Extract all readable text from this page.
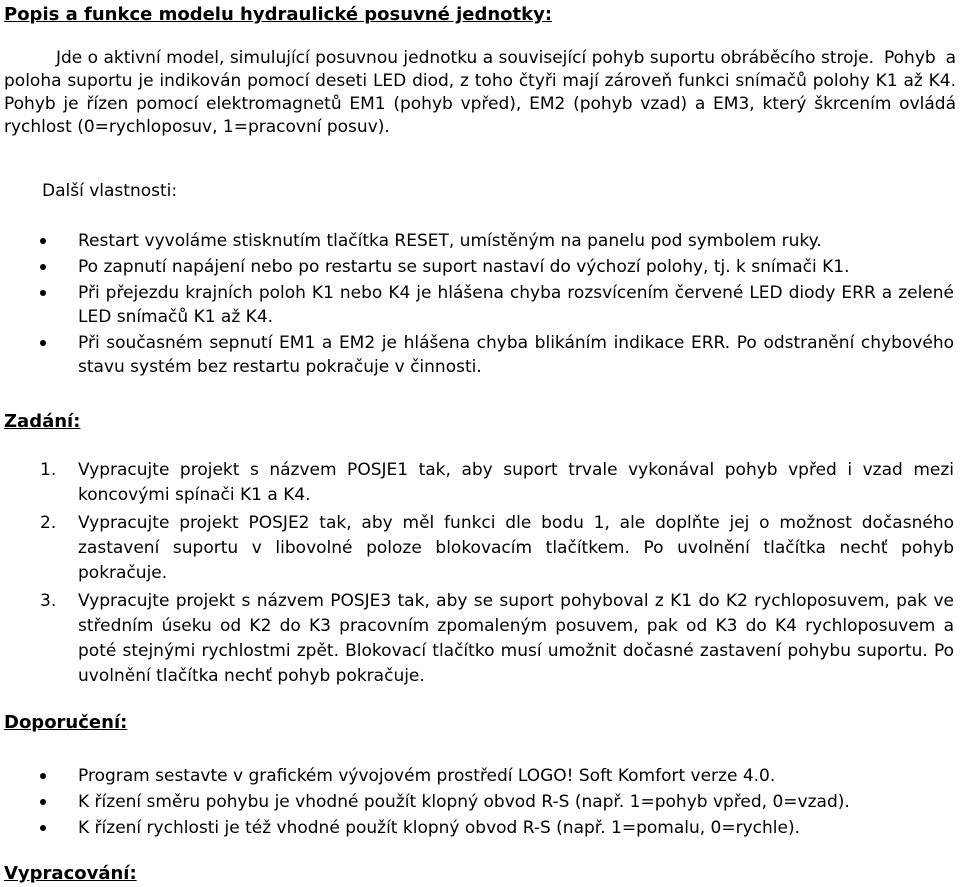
Popis a funkce modelu hydraulické posuvné jednotky:

Jde o aktivní model, simulující posuvnou jednotku a související pohyb suportu obráběcího stroje. Pohyb a poloha suportu je indikován pomocí deseti LED diod, z toho čtyři mají zároveň funkci snímačů polohy K1 až K4. Pohyb je řízen pomocí elektromagnetů EM1 (pohyb vpřed), EM2 (pohyb vzad) a EM3, který škrcením ovládá rychlost (0=rychloposuv, 1=pracovní posuv).

Další vlastnosti:

Restart vyvoláme stisknutím tlačítka RESET, umístěným na panelu pod symbolem ruky.
Po zapnutí napájení nebo po restartu se suport nastaví do výchozí polohy, tj. k snímači K1.
Při přejezdu krajních poloh K1 nebo K4 je hlášena chyba rozsvícením červené LED diody ERR a zelené LED snímačů K1 až K4.
Při současném sepnutí EM1 a EM2 je hlášena chyba blikáním indikace ERR. Po odstranění chybového stavu systém bez restartu pokračuje v činnosti.
Zadání:
1. Vypracujte projekt s názvem POSJE1 tak, aby suport trvale vykonával pohyb vpřed i vzad mezi koncovými spínači K1 a K4.
2. Vypracujte projekt POSJE2 tak, aby měl funkci dle bodu 1, ale doplňte jej o možnost dočasného zastavení suportu v libovolné poloze blokovacím tlačítkem. Po uvolnění tlačítka nechť pohyb pokračuje.
3. Vypracujte projekt s názvem POSJE3 tak, aby se suport pohyboval z K1 do K2 rychloposuvem, pak ve středním úseku od K2 do K3 pracovním zpomaleným posuvem, pak od K3 do K4 rychloposuvem a poté stejnými rychlostmi zpět. Blokovací tlačítko musí umožnit dočasné zastavení pohybu suportu. Po uvolnění tlačítka nechť pohyb pokračuje.
Doporučení:
Program sestavte v grafickém vývojovém prostředí LOGO! Soft Komfort verze 4.0.
K řízení směru pohybu je vhodné použít klopný obvod R-S (např. 1=pohyb vpřed, 0=vzad).
K řízení rychlosti je též vhodné použít klopný obvod R-S (např. 1=pomalu, 0=rychle).
Vypracování:
